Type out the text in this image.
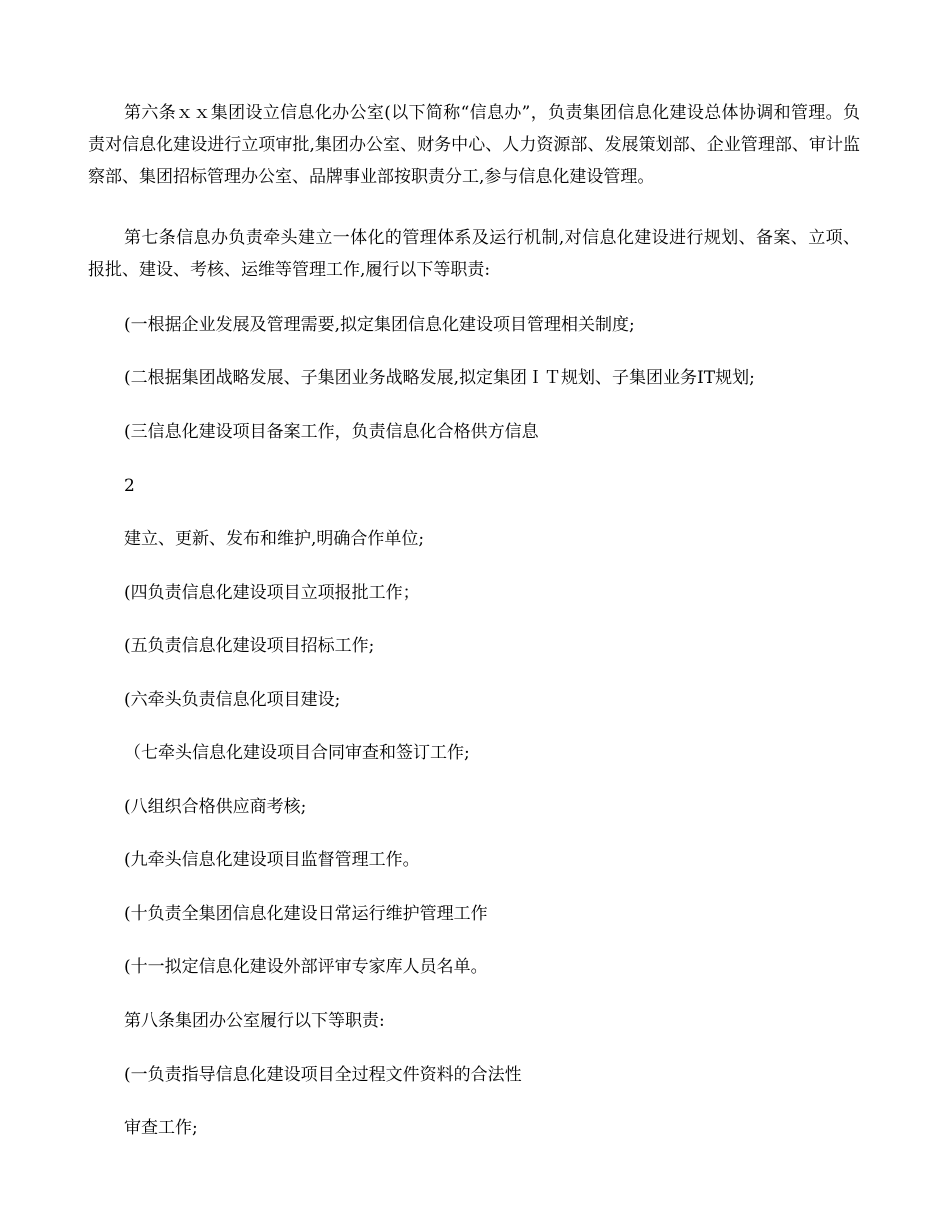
第六条ｘｘ集团设立信息化办公室(以下简称“信息办”，负责集团信息化建设总体协调和管理。负责对信息化建设进行立项审批,集团办公室、财务中心、人力资源部、发展策划部、企业管理部、审计监察部、集团招标管理办公室、品牌事业部按职责分工,参与信息化建设管理。

第七条信息办负责牵头建立一体化的管理体系及运行机制,对信息化建设进行规划、备案、立项、报批、建设、考核、运维等管理工作,履行以下等职责:

(一根据企业发展及管理需要,拟定集团信息化建设项目管理相关制度;

(二根据集团战略发展、子集团业务战略发展,拟定集团ＩＴ规划、子集团业务IT规划;

(三信息化建设项目备案工作，负责信息化合格供方信息

2

建立、更新、发布和维护,明确合作单位;

(四负责信息化建设项目立项报批工作；

(五负责信息化建设项目招标工作;

(六牵头负责信息化项目建设;

（七牵头信息化建设项目合同审查和签订工作;

(八组织合格供应商考核;

(九牵头信息化建设项目监督管理工作。

(十负责全集团信息化建设日常运行维护管理工作

(十一拟定信息化建设外部评审专家库人员名单。

第八条集团办公室履行以下等职责:

(一负责指导信息化建设项目全过程文件资料的合法性

审查工作;
